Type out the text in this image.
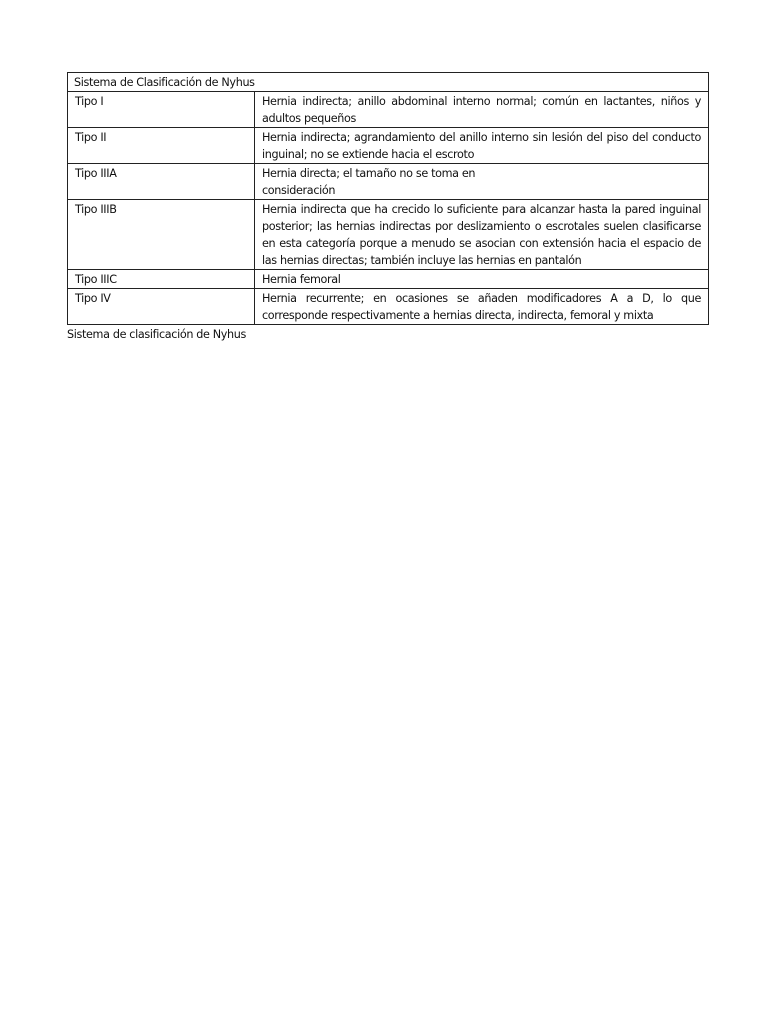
Sistema de Clasificación de Nyhus	
Tipo I	Hernia indirecta; anillo abdominal interno normal; común en lactantes, niños y adultos pequeños
Tipo II	Hernia indirecta; agrandamiento del anillo interno sin lesión del piso del conducto inguinal; no se extiende hacia el escroto
Tipo IIIA	Hernia directa; el tamaño no se toma en consideración
Tipo IIIB	Hernia indirecta que ha crecido lo suficiente para alcanzar hasta la pared inguinal posterior; las hernias indirectas por deslizamiento o escrotales suelen clasificarse en esta categoría porque a menudo se asocian con extensión hacia el espacio de las hernias directas; también incluye las hernias en pantalón
Tipo IIIC	Hernia femoral
Tipo IV	Hernia recurrente; en ocasiones se añaden modificadores A a D, lo que corresponde respectivamente a hernias directa, indirecta, femoral y mixta
Sistema de clasificación de Nyhus
